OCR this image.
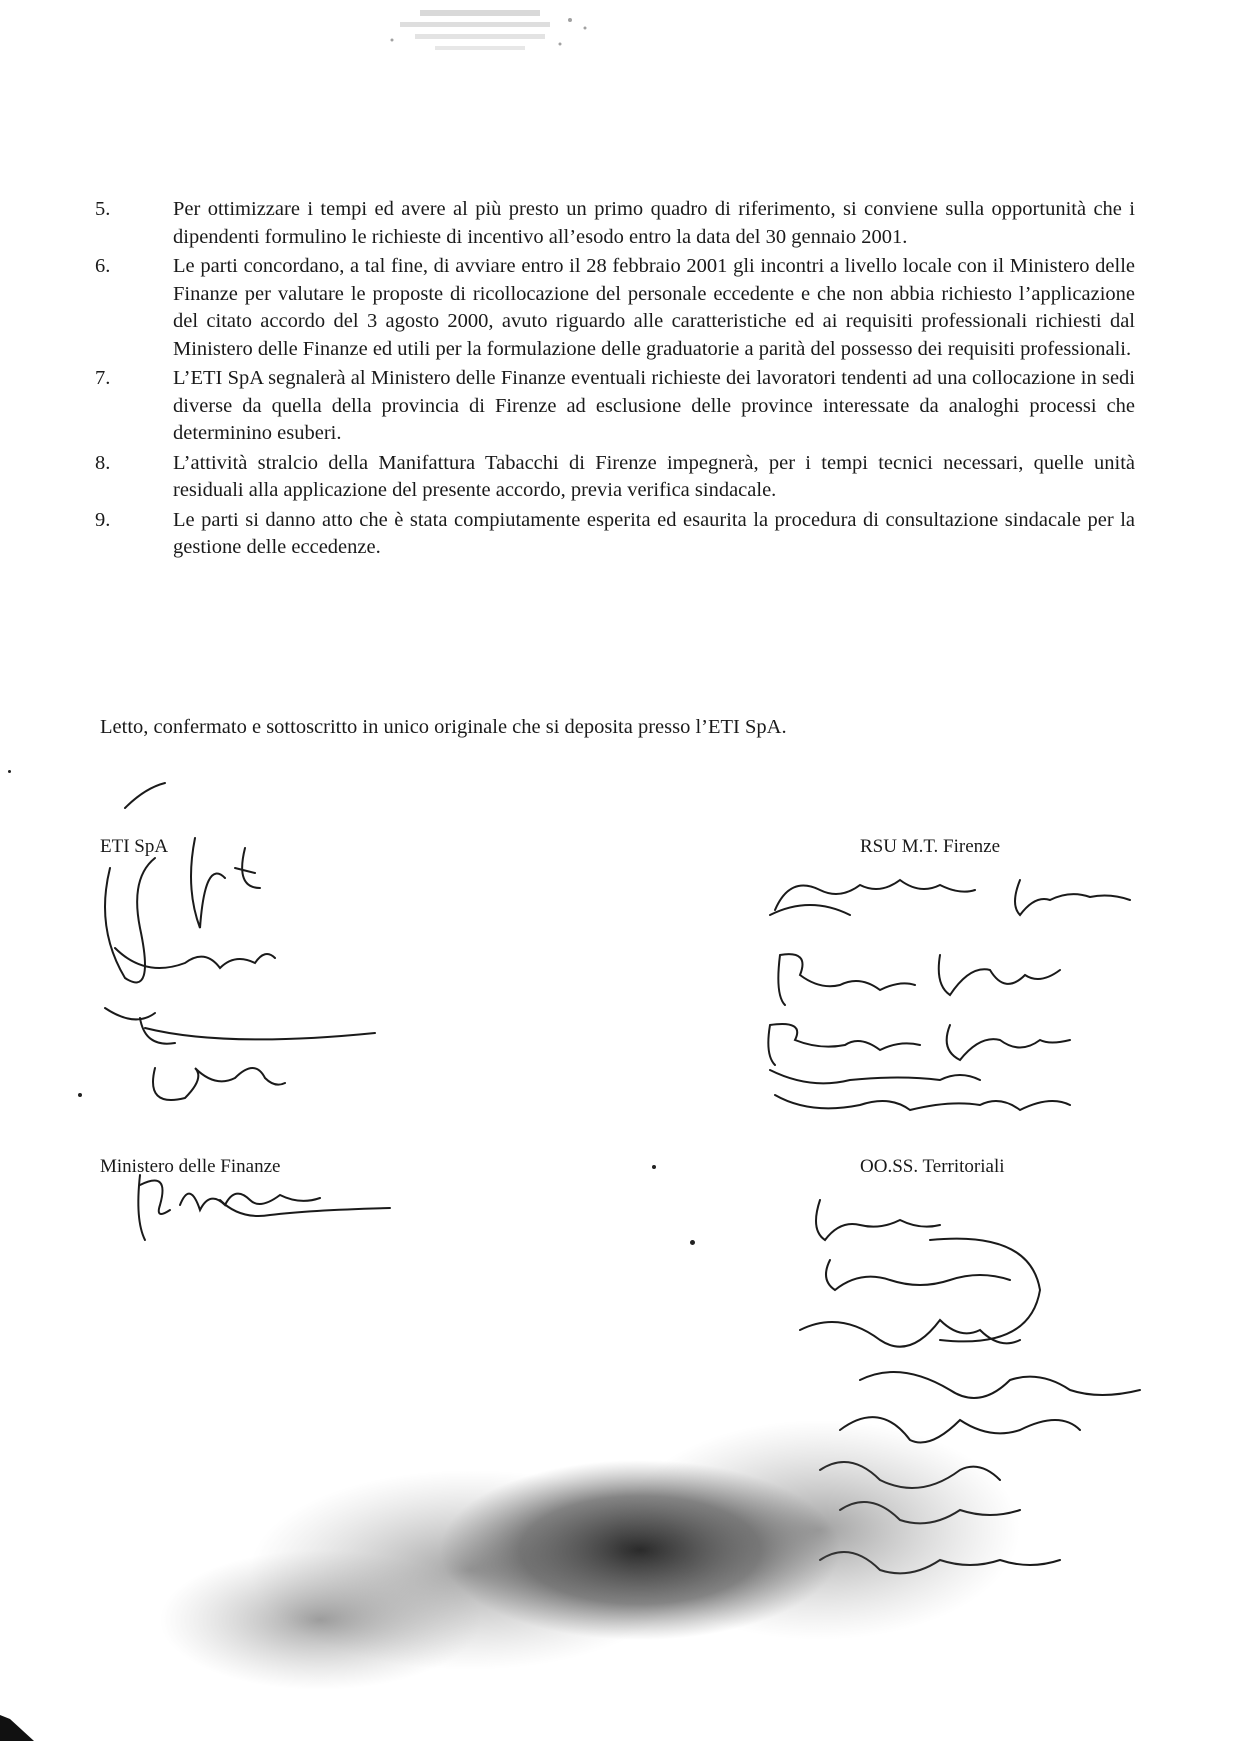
5.	Per ottimizzare i tempi ed avere al più presto un primo quadro di riferimento, si conviene sulla opportunità che i dipendenti formulino le richieste di incentivo all’esodo entro la data del 30 gennaio 2001.
6.	Le parti concordano, a tal fine, di avviare entro il 28 febbraio 2001 gli incontri a livello locale con il Ministero delle Finanze per valutare le proposte di ricollocazione del personale eccedente e che non abbia richiesto l’applicazione del citato accordo del 3 agosto 2000, avuto riguardo alle caratteristiche ed ai requisiti professionali richiesti dal Ministero delle Finanze ed utili per la formulazione delle graduatorie a parità del possesso dei requisiti professionali.
7.	L’ETI SpA segnalerà al Ministero delle Finanze eventuali richieste dei lavoratori tendenti ad una collocazione in sedi diverse da quella della provincia di Firenze ad esclusione delle province interessate da analoghi processi che determinino esuberi.
8.	L’attività stralcio della Manifattura Tabacchi di Firenze impegnerà, per i tempi tecnici necessari, quelle unità residuali alla applicazione del presente accordo, previa verifica sindacale.
9.	Le parti si danno atto che è stata compiutamente esperita ed esaurita la procedura di consultazione sindacale per la gestione delle eccedenze.
Letto, confermato e sottoscritto in unico originale che si deposita presso l’ETI SpA.
ETI SpA	RSU M.T. Firenze
Ministero delle Finanze	OO.SS. Territoriali
